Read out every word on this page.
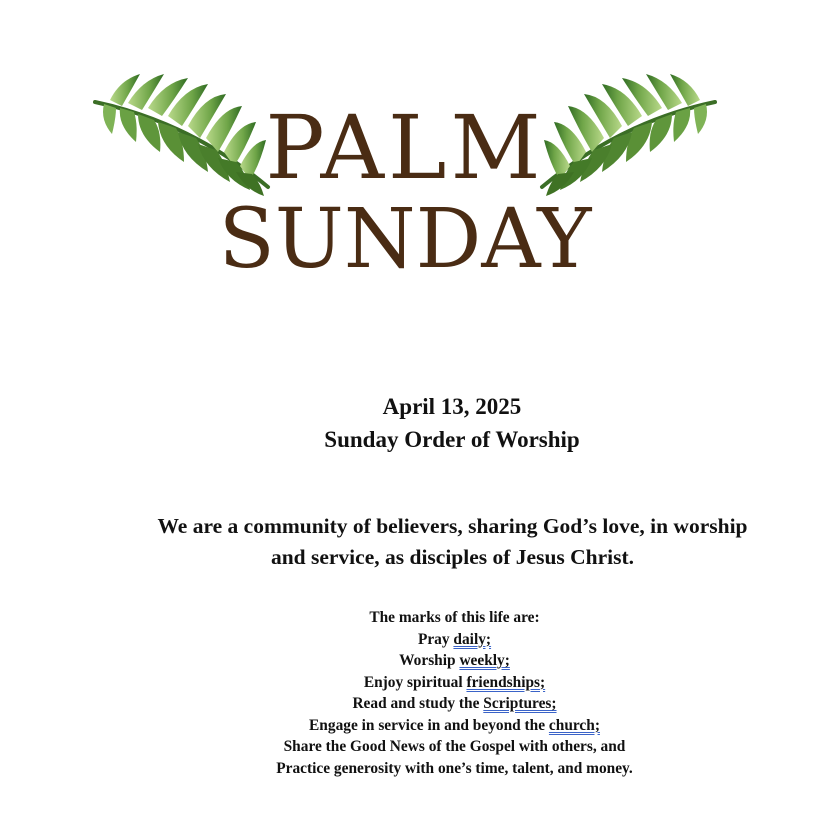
PALM
SUNDAY
April 13, 2025
Sunday Order of Worship
We are a community of believers, sharing God’s love, in worship
and service, as disciples of Jesus Christ.
The marks of this life are:
Pray daily;
Worship weekly;
Enjoy spiritual friendships;
Read and study the Scriptures;
Engage in service in and beyond the church;
Share the Good News of the Gospel with others, and
Practice generosity with one’s time, talent, and money.
